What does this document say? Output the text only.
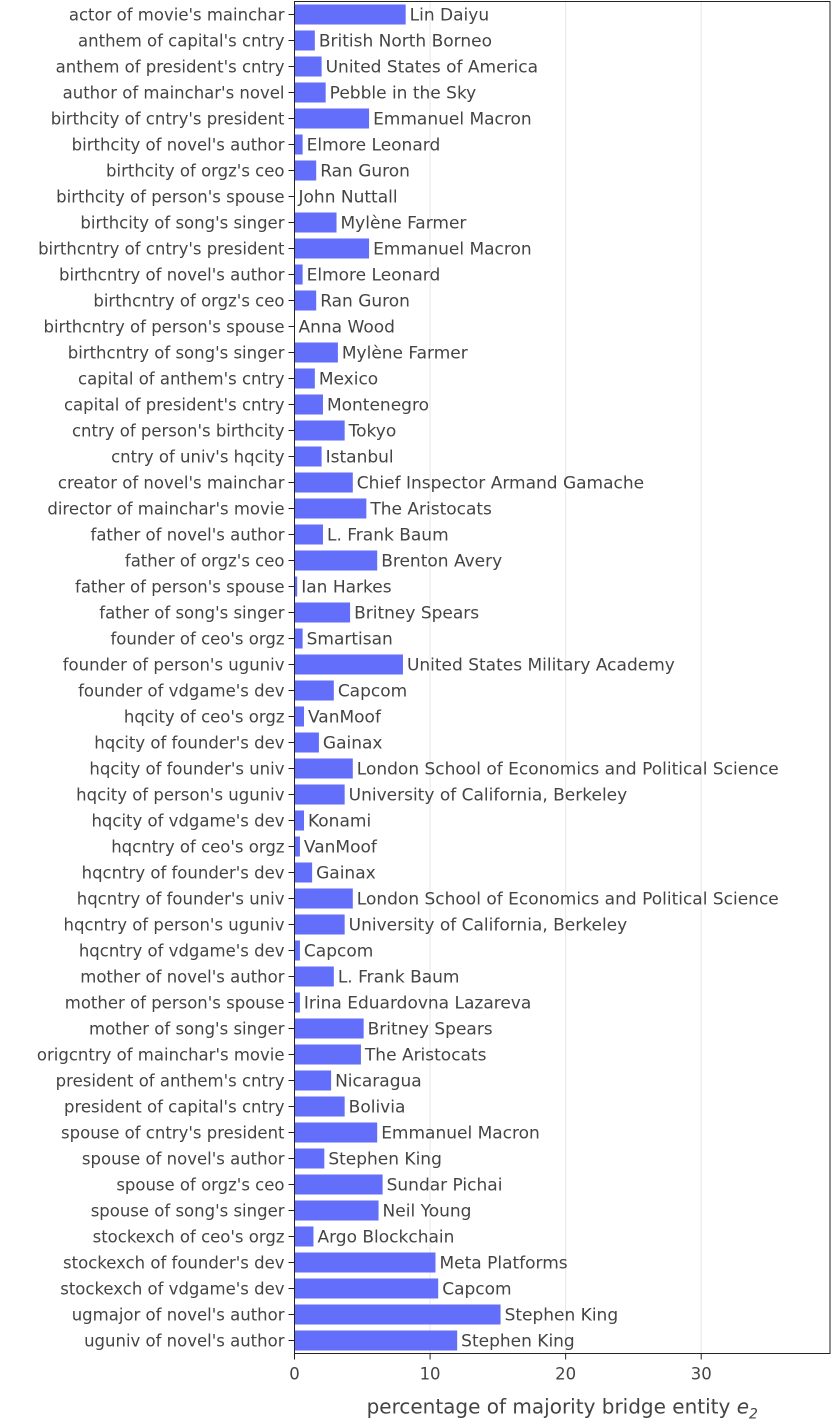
Lin Daiyu
British North Borneo
United States of America
Pebble in the Sky
Emmanuel Macron
Elmore Leonard
Ran Guron
John Nuttall
Mylène Farmer
Emmanuel Macron
Elmore Leonard
Ran Guron
Anna Wood
Mylène Farmer
Mexico
Montenegro
Tokyo
Istanbul
Chief Inspector Armand Gamache
The Aristocats
L. Frank Baum
Brenton Avery
Ian Harkes
Britney Spears
Smartisan
United States Military Academy
Capcom
VanMoof
Gainax
London School of Economics and Political Science
University of California, Berkeley
Konami
VanMoof
Gainax
London School of Economics and Political Science
University of California, Berkeley
Capcom
L. Frank Baum
Irina Eduardovna Lazareva
Britney Spears
The Aristocats
Nicaragua
Bolivia
Emmanuel Macron
Stephen King
Sundar Pichai
Neil Young
Argo Blockchain
Meta Platforms
Capcom
Stephen King
Stephen King
actor of movie's mainchar
anthem of capital's cntry
anthem of president's cntry
author of mainchar's novel
birthcity of cntry's president
birthcity of novel's author
birthcity of orgz's ceo
birthcity of person's spouse
birthcity of song's singer
birthcntry of cntry's president
birthcntry of novel's author
birthcntry of orgz's ceo
birthcntry of person's spouse
birthcntry of song's singer
capital of anthem's cntry
capital of president's cntry
cntry of person's birthcity
cntry of univ's hqcity
creator of novel's mainchar
director of mainchar's movie
father of novel's author
father of orgz's ceo
father of person's spouse
father of song's singer
founder of ceo's orgz
founder of person's uguniv
founder of vdgame's dev
hqcity of ceo's orgz
hqcity of founder's dev
hqcity of founder's univ
hqcity of person's uguniv
hqcity of vdgame's dev
hqcntry of ceo's orgz
hqcntry of founder's dev
hqcntry of founder's univ
hqcntry of person's uguniv
hqcntry of vdgame's dev
mother of novel's author
mother of person's spouse
mother of song's singer
origcntry of mainchar's movie
president of anthem's cntry
president of capital's cntry
spouse of cntry's president
spouse of novel's author
spouse of orgz's ceo
spouse of song's singer
stockexch of ceo's orgz
stockexch of founder's dev
stockexch of vdgame's dev
ugmajor of novel's author
uguniv of novel's author
0	10	20	30
percentage of majority bridge entity $e_2$
